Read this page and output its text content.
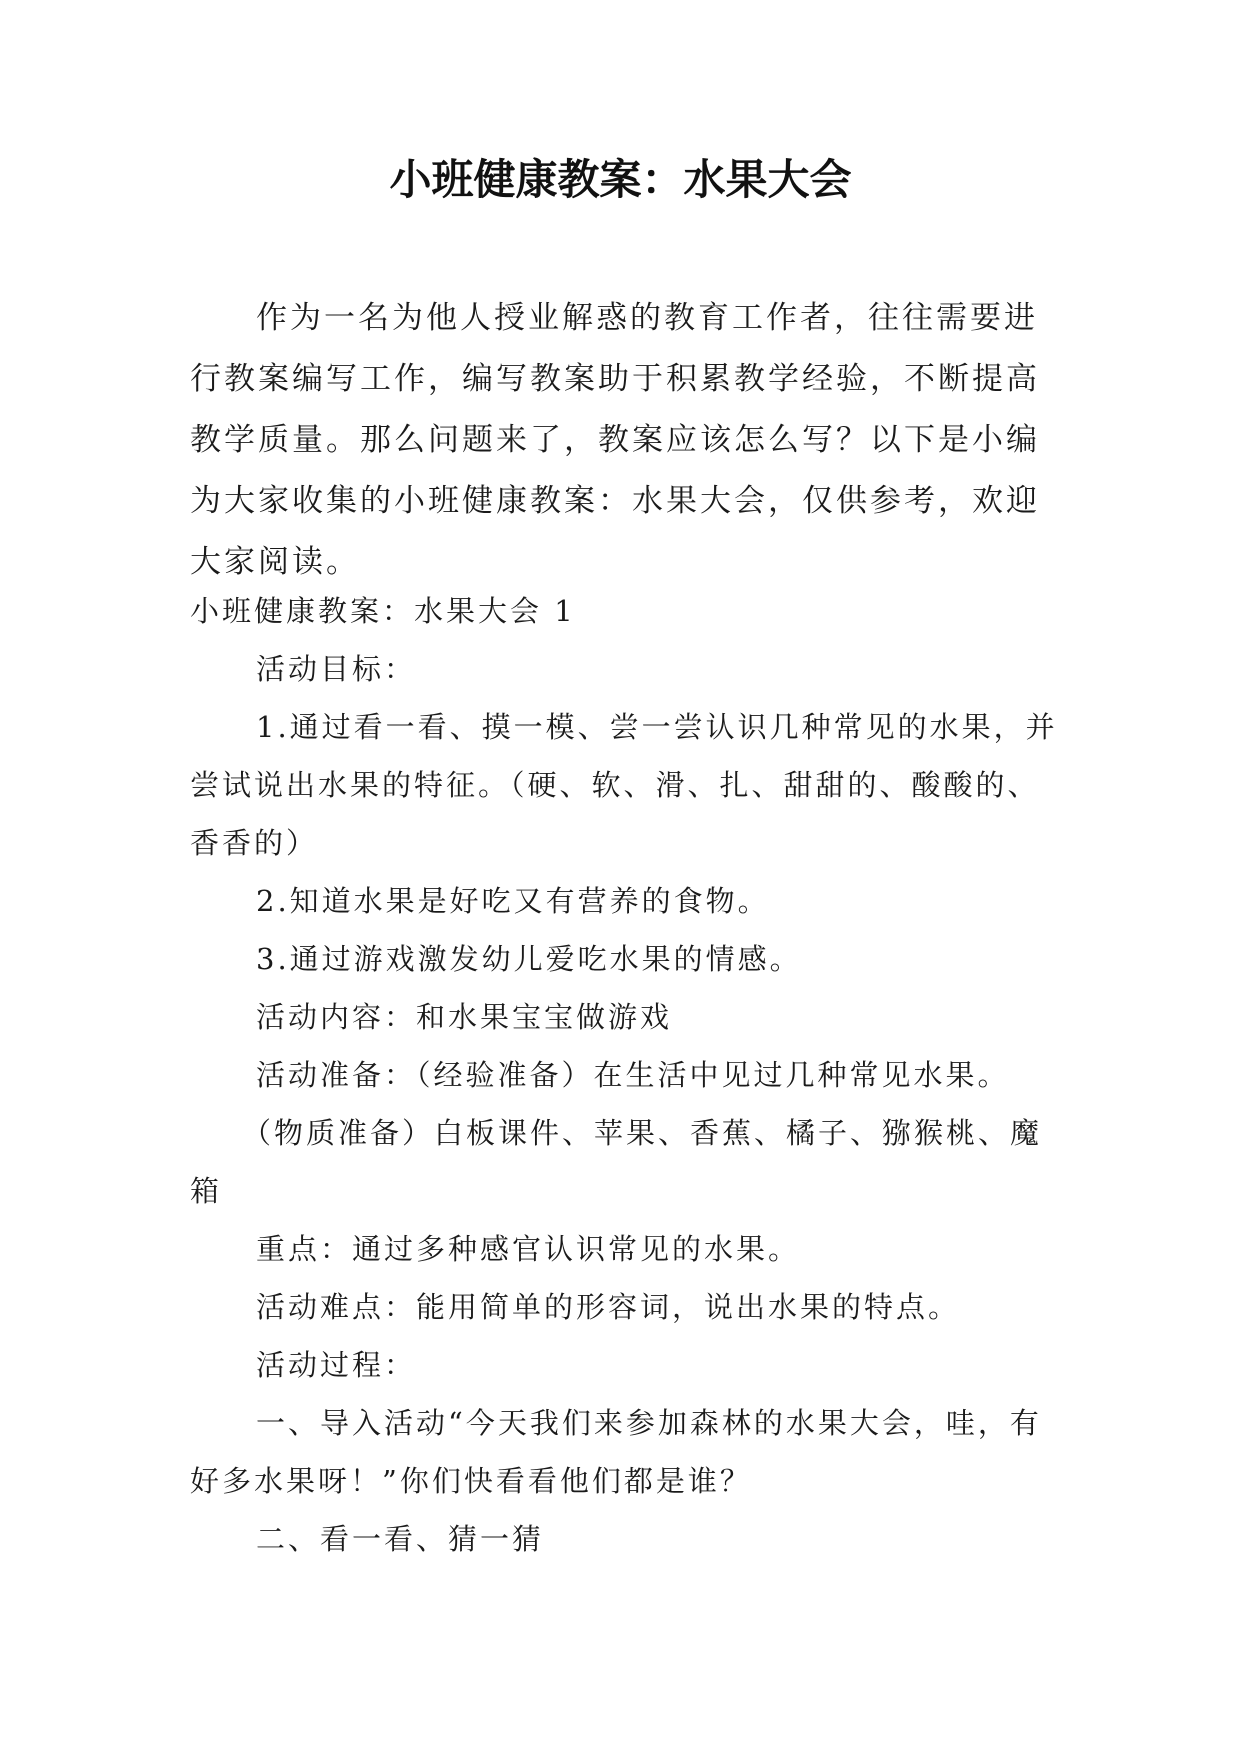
小班健康教案：水果大会

作为一名为他人授业解惑的教育工作者，往往需要进行教案编写工作，编写教案助于积累教学经验，不断提高教学质量。那么问题来了，教案应该怎么写？以下是小编为大家收集的小班健康教案：水果大会，仅供参考，欢迎大家阅读。

小班健康教案：水果大会 1

活动目标：

1.通过看一看、摸一模、尝一尝认识几种常见的水果，并尝试说出水果的特征。（硬、软、滑、扎、甜甜的、酸酸的、香香的）

2.知道水果是好吃又有营养的食物。

3.通过游戏激发幼儿爱吃水果的情感。

活动内容：和水果宝宝做游戏

活动准备：（经验准备）在生活中见过几种常见水果。

（物质准备）白板课件、苹果、香蕉、橘子、猕猴桃、魔箱

重点：通过多种感官认识常见的水果。

活动难点：能用简单的形容词，说出水果的特点。

活动过程：

一、导入活动“今天我们来参加森林的水果大会，哇，有好多水果呀！”你们快看看他们都是谁？

二、看一看、猜一猜
